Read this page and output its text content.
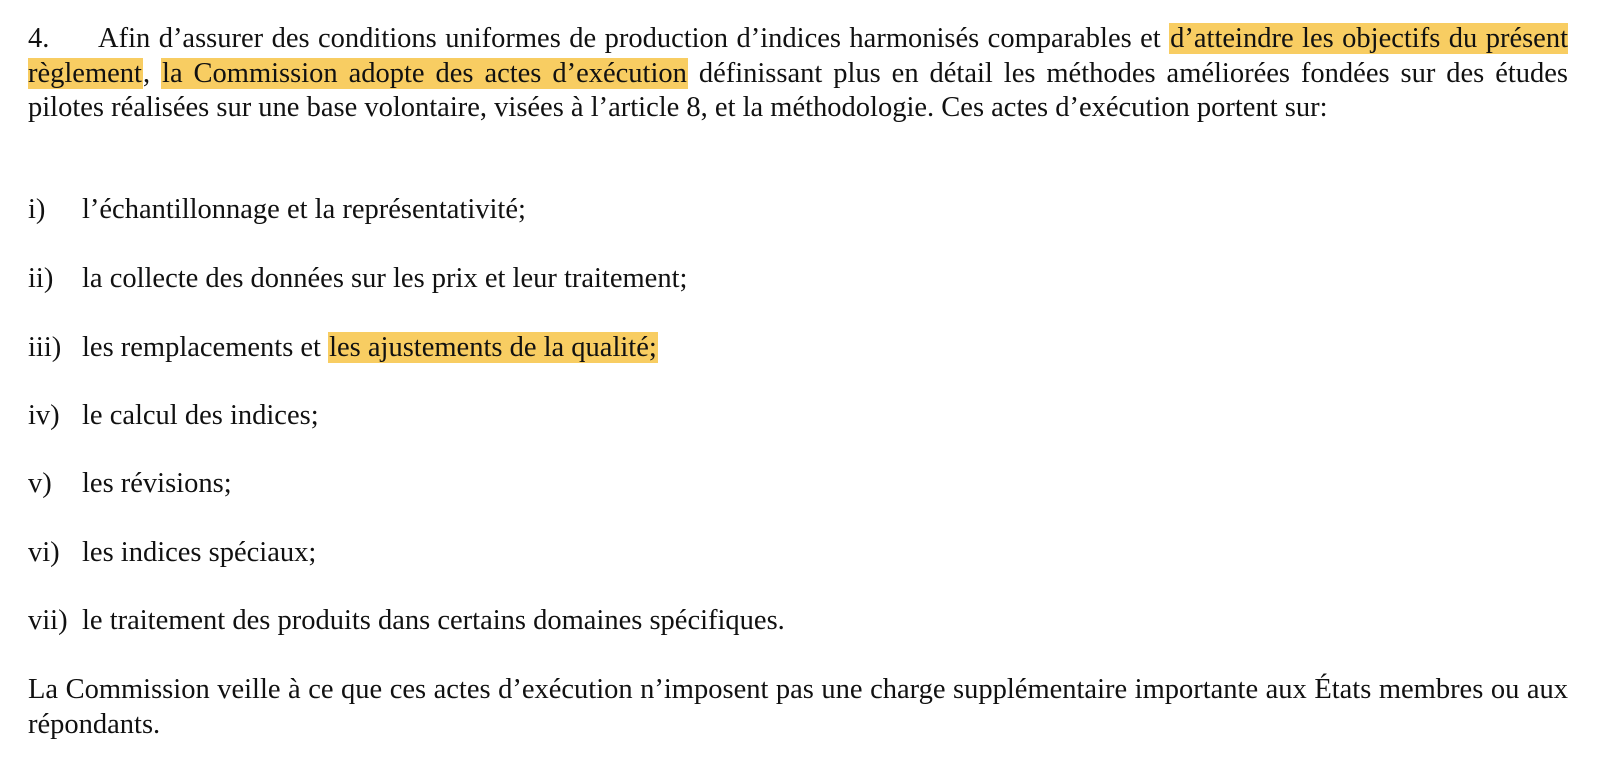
4. Afin d’assurer des conditions uniformes de production d’indices harmonisés comparables et d’atteindre les objectifs du présent règlement, la Commission adopte des actes d’exécution définissant plus en détail les méthodes améliorées fondées sur des études pilotes réalisées sur une base volontaire, visées à l’article 8, et la méthodologie. Ces actes d’exécution portent sur:

i) l’échantillonnage et la représentativité;
ii) la collecte des données sur les prix et leur traitement;
iii) les remplacements et les ajustements de la qualité;
iv) le calcul des indices;
v) les révisions;
vi) les indices spéciaux;
vii) le traitement des produits dans certains domaines spécifiques.

La Commission veille à ce que ces actes d’exécution n’imposent pas une charge supplémentaire importante aux États membres ou aux répondants.
